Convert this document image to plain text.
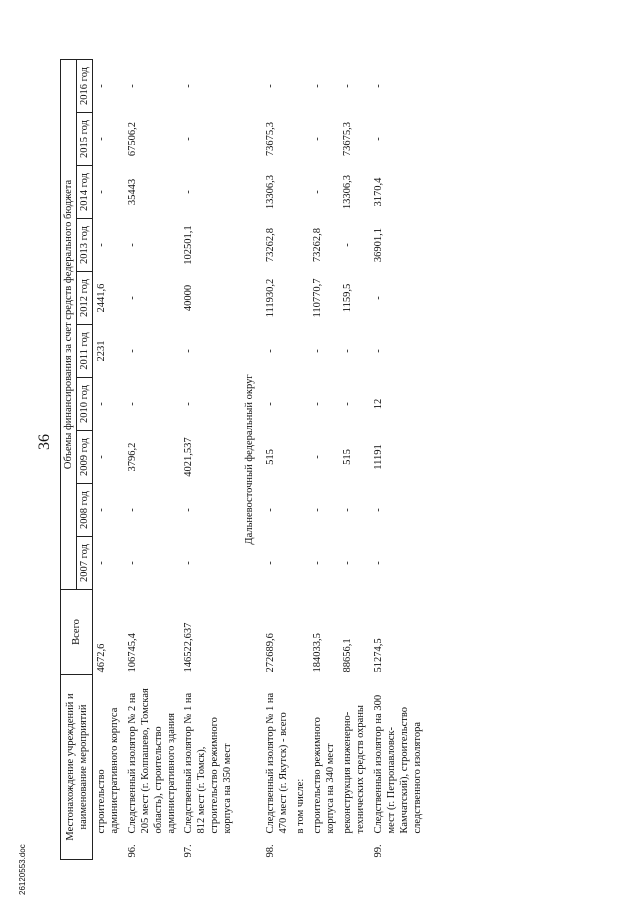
36
26120553.doc
Местонахождение учреждений и наименование мероприятий	Всего	Объемы финансирования за счет средств федерального бюджета									
		2007 год	2008 год	2009 год	2010 год	2011 год	2012 год	2013 год	2014 год	2015 год	2016 год
строительство административного корпуса	4672,6	-	-	-	-	2231	2441,6	-	-	-	-
96.Следственный изолятор № 2 на 205 мест (г. Колпашево, Томская область), строительство административного здания	106745,4	-	-	3796,2	-	-	-	-	35443	67506,2	-
97.Следственный изолятор № 1 на 812 мест (г. Томск), строительство режимного корпуса на 350 мест	146522,637	-	-	4021,537	-	-	40000	102501,1	-	-	-
Дальневосточный федеральный округ											
98.Следственный изолятор № 1 на 470 мест (г. Якутск) - всего	272689,6	-	-	515	-	-	111930,2	73262,8	13306,3	73675,3	-
в том числе:											
строительство режимного корпуса на 340 мест	184033,5	-	-	-	-	-	110770,7	73262,8	-	-	-
реконструкция инженерно-технических средств охраны	88656,1	-	-	515	-	-	1159,5	-	13306,3	73675,3	-
99.Следственный изолятор на 300 мест (г. Петропавловск-Камчатский), строительство следственного изолятора	51274,5	-	-	11191	12	-	-	36901,1	3170,4	-	-
